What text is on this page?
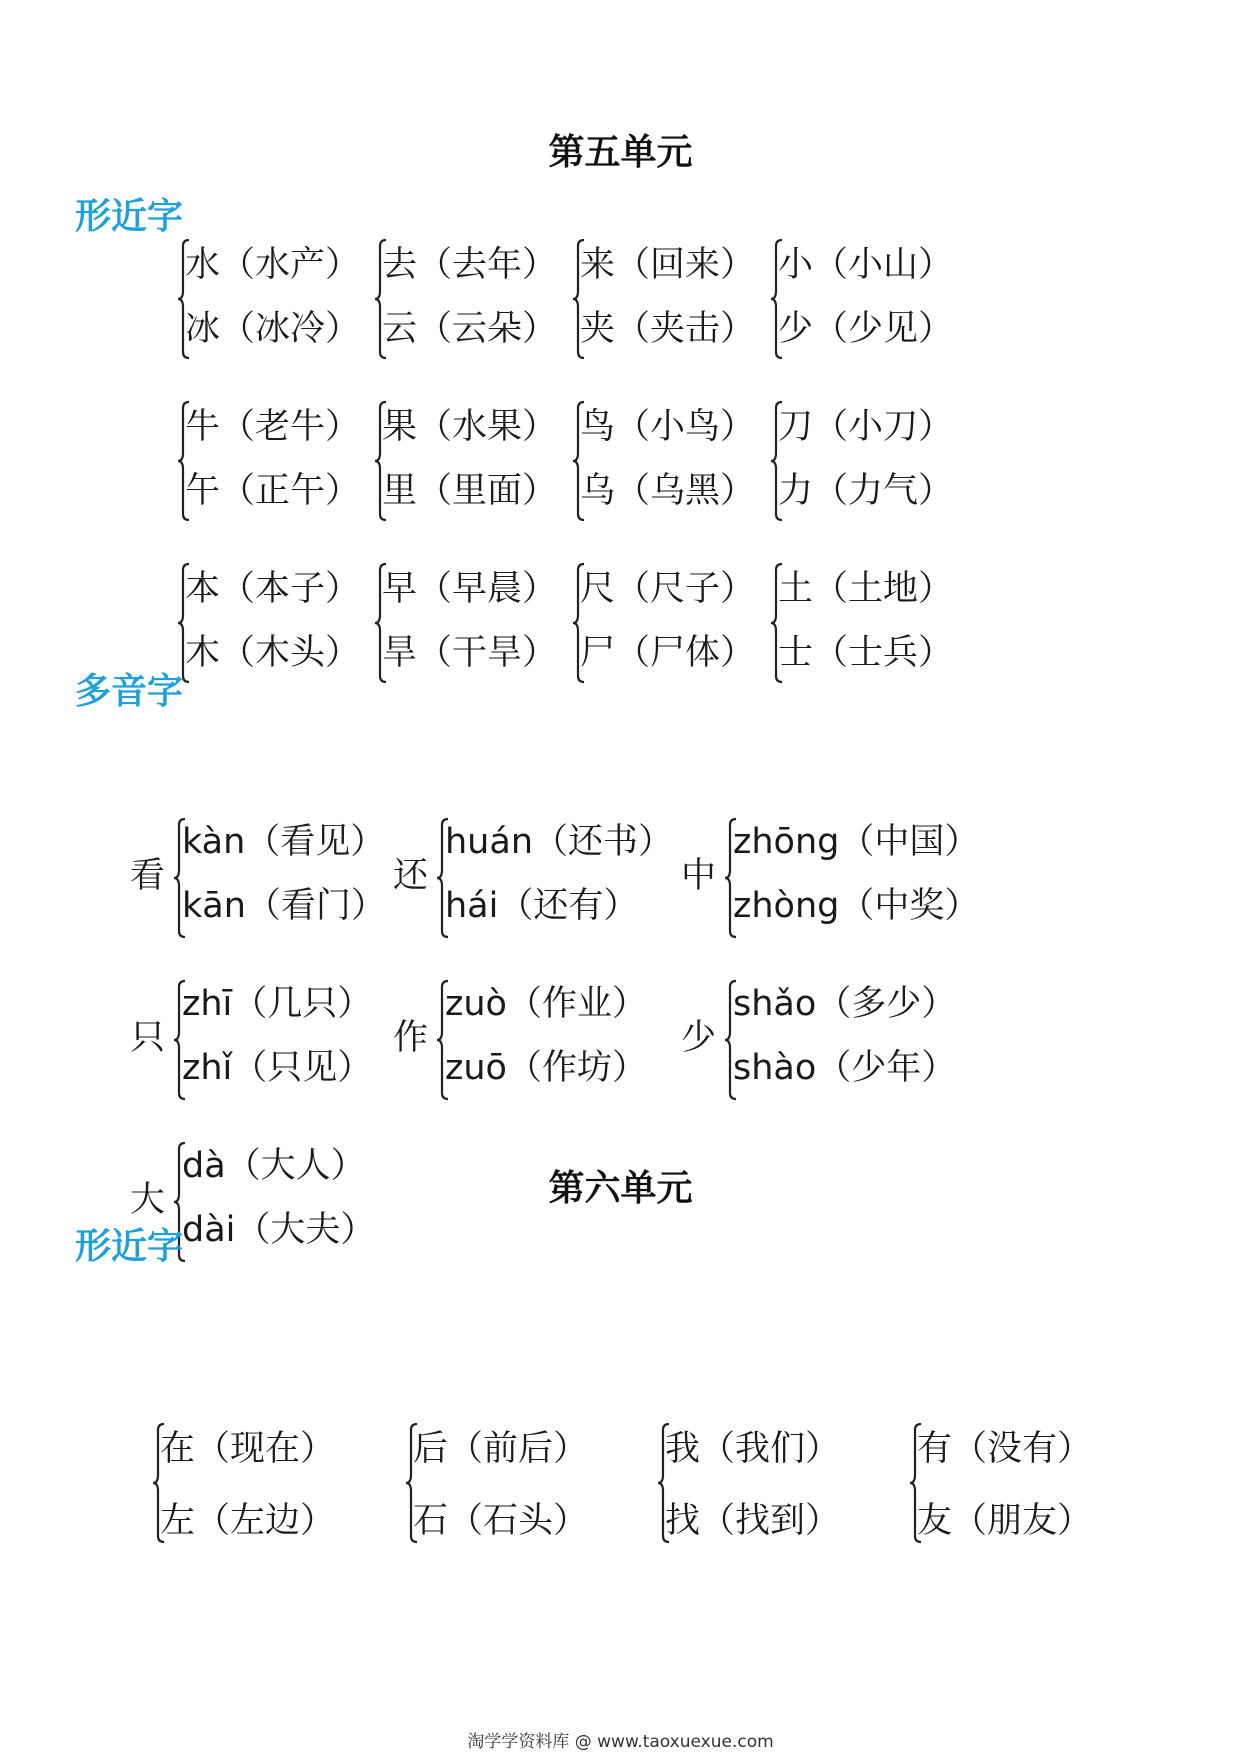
第五单元
形近字
水（水产）
冰（冰冷）
去（去年）
云（云朵）
来（回来）
夹（夹击）
小（小山）
少（少见）
牛（老牛）
午（正午）
果（水果）
里（里面）
鸟（小鸟）
乌（乌黑）
刀（小刀）
力（力气）
本（本子）
木（木头）
早（早晨）
旱（干旱）
尺（尺子）
尸（尸体）
土（土地）
士（士兵）
多音字
看
kàn（看见）
kān（看门）
还
huán（还书）
hái（还有）
中
zhōng（中国）
zhòng（中奖）
只
zhī（几只）
zhǐ（只见）
作
zuò（作业）
zuō（作坊）
少
shǎo（多少）
shào（少年）
大
dà（大人）
dài（大夫）
第六单元
形近字
在（现在）
左（左边）
后（前后）
石（石头）
我（我们）
找（找到）
有（没有）
友（朋友）
淘学学资料库 @ www.taoxuexue.com
